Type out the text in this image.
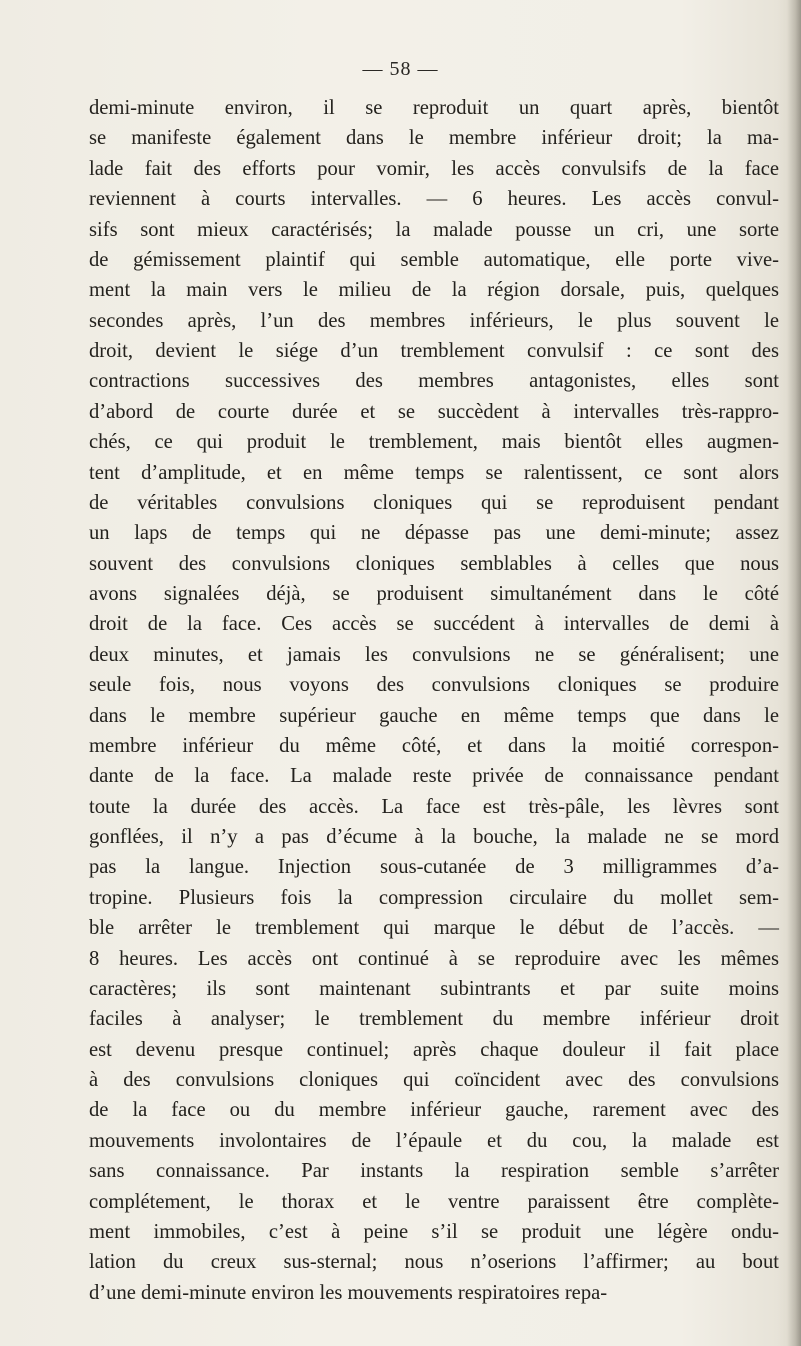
— 58 —
demi-minute environ, il se reproduit un quart après, bientôt
se manifeste également dans le membre inférieur droit; la ma-
lade fait des efforts pour vomir, les accès convulsifs de la face
reviennent à courts intervalles. — 6 heures. Les accès convul-
sifs sont mieux caractérisés; la malade pousse un cri, une sorte
de gémissement plaintif qui semble automatique, elle porte vive-
ment la main vers le milieu de la région dorsale, puis, quelques
secondes après, l’un des membres inférieurs, le plus souvent le
droit, devient le siége d’un tremblement convulsif : ce sont des
contractions successives des membres antagonistes, elles sont
d’abord de courte durée et se succèdent à intervalles très-rappro-
chés, ce qui produit le tremblement, mais bientôt elles augmen-
tent d’amplitude, et en même temps se ralentissent, ce sont alors
de véritables convulsions cloniques qui se reproduisent pendant
un laps de temps qui ne dépasse pas une demi-minute; assez
souvent des convulsions cloniques semblables à celles que nous
avons signalées déjà, se produisent simultanément dans le côté
droit de la face. Ces accès se succédent à intervalles de demi à
deux minutes, et jamais les convulsions ne se généralisent; une
seule fois, nous voyons des convulsions cloniques se produire
dans le membre supérieur gauche en même temps que dans le
membre inférieur du même côté, et dans la moitié correspon-
dante de la face. La malade reste privée de connaissance pendant
toute la durée des accès. La face est très-pâle, les lèvres sont
gonflées, il n’y a pas d’écume à la bouche, la malade ne se mord
pas la langue. Injection sous-cutanée de 3 milligrammes d’a-
tropine. Plusieurs fois la compression circulaire du mollet sem-
ble arrêter le tremblement qui marque le début de l’accès. —
8 heures. Les accès ont continué à se reproduire avec les mêmes
caractères; ils sont maintenant subintrants et par suite moins
faciles à analyser; le tremblement du membre inférieur droit
est devenu presque continuel; après chaque douleur il fait place
à des convulsions cloniques qui coïncident avec des convulsions
de la face ou du membre inférieur gauche, rarement avec des
mouvements involontaires de l’épaule et du cou, la malade est
sans connaissance. Par instants la respiration semble s’arrêter
complétement, le thorax et le ventre paraissent être complète-
ment immobiles, c’est à peine s’il se produit une légère ondu-
lation du creux sus-sternal; nous n’oserions l’affirmer; au bout
d’une demi-minute environ les mouvements respiratoires repa-
